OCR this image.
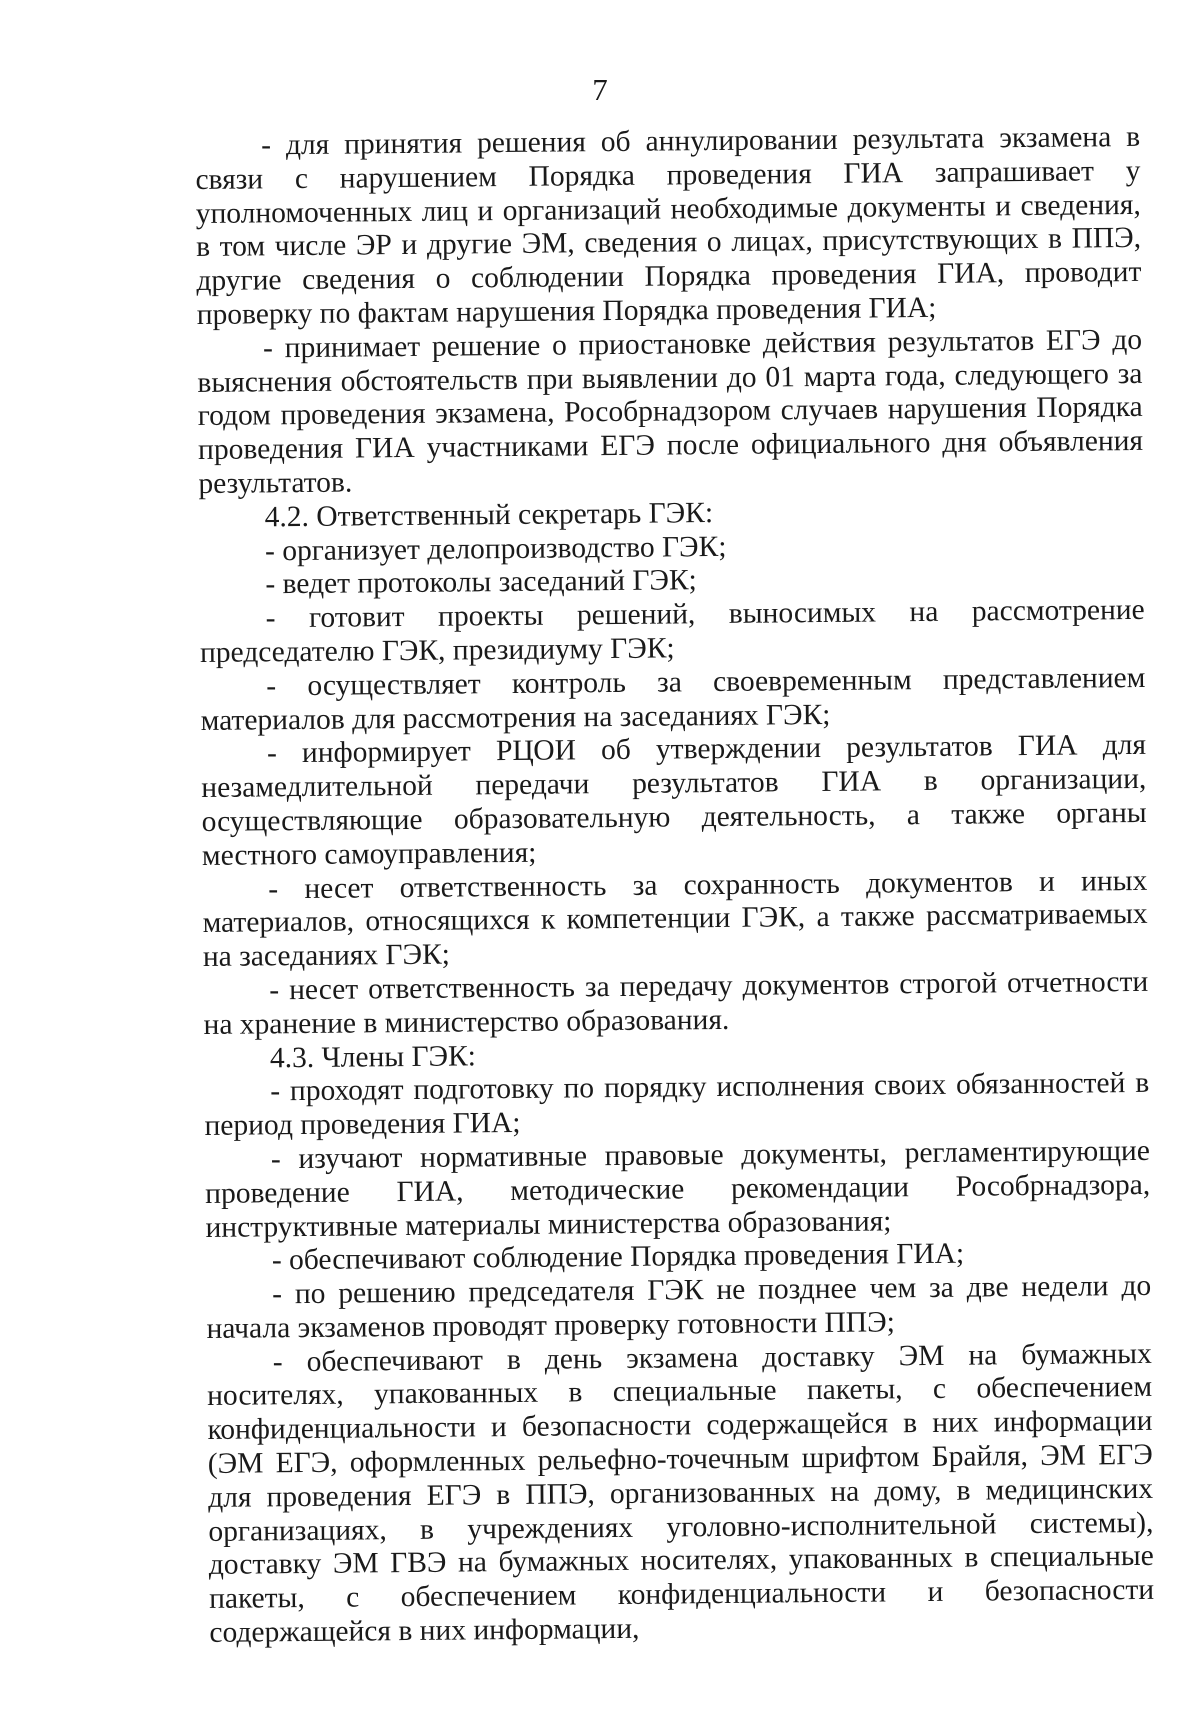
7

- для принятия решения об аннулировании результата экзамена в связи с нарушением Порядка проведения ГИА запрашивает у уполномоченных лиц и организаций необходимые документы и сведения, в том числе ЭР и другие ЭМ, сведения о лицах, присутствующих в ППЭ, другие сведения о соблюдении Порядка проведения ГИА, проводит проверку по фактам нарушения Порядка проведения ГИА;

- принимает решение о приостановке действия результатов ЕГЭ до выяснения обстоятельств при выявлении до 01 марта года, следующего за годом проведения экзамена, Рособрнадзором случаев нарушения Порядка проведения ГИА участниками ЕГЭ после официального дня объявления результатов.

4.2. Ответственный секретарь ГЭК:

- организует делопроизводство ГЭК;

- ведет протоколы заседаний ГЭК;

- готовит проекты решений, выносимых на рассмотрение председателю ГЭК, президиуму ГЭК;

- осуществляет контроль за своевременным представлением материалов для рассмотрения на заседаниях ГЭК;

- информирует РЦОИ об утверждении результатов ГИА для незамедлительной передачи результатов ГИА в организации, осуществляющие образовательную деятельность, а также органы местного самоуправления;

- несет ответственность за сохранность документов и иных материалов, относящихся к компетенции ГЭК, а также рассматриваемых на заседаниях ГЭК;

- несет ответственность за передачу документов строгой отчетности на хранение в министерство образования.

4.3. Члены ГЭК:

- проходят подготовку по порядку исполнения своих обязанностей в период проведения ГИА;

- изучают нормативные правовые документы, регламентирующие проведение ГИА, методические рекомендации Рособрнадзора, инструктивные материалы министерства образования;

- обеспечивают соблюдение Порядка проведения ГИА;

- по решению председателя ГЭК не позднее чем за две недели до начала экзаменов проводят проверку готовности ППЭ;

- обеспечивают в день экзамена доставку ЭМ на бумажных носителях, упакованных в специальные пакеты, с обеспечением конфиденциальности и безопасности содержащейся в них информации (ЭМ ЕГЭ, оформленных рельефно-точечным шрифтом Брайля, ЭМ ЕГЭ для проведения ЕГЭ в ППЭ, организованных на дому, в медицинских организациях, в учреждениях уголовно-исполнительной системы), доставку ЭМ ГВЭ на бумажных носителях, упакованных в специальные пакеты, с обеспечением конфиденциальности и безопасности содержащейся в них информации,
